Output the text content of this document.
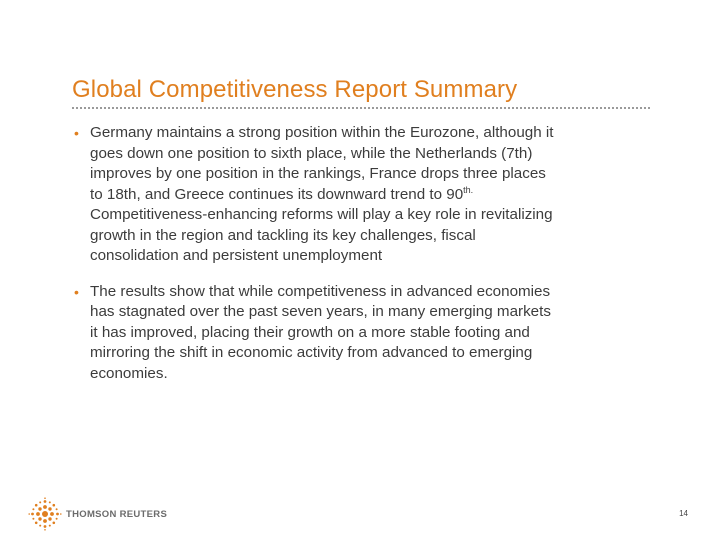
Global Competitiveness Report Summary
• Germany maintains a strong position within the Eurozone, although it
goes down one position to sixth place, while the Netherlands (7th)
improves by one position in the rankings, France drops three places
to 18th, and Greece continues its downward trend to $90^{th.}$
Competitiveness-enhancing reforms will play a key role in revitalizing
growth in the region and tackling its key challenges, fiscal
consolidation and persistent unemployment
• The results show that while competitiveness in advanced economies
has stagnated over the past seven years, in many emerging markets
it has improved, placing their growth on a more stable footing and
mirroring the shift in economic activity from advanced to emerging
economies.
THOMSON REUTERS	14
